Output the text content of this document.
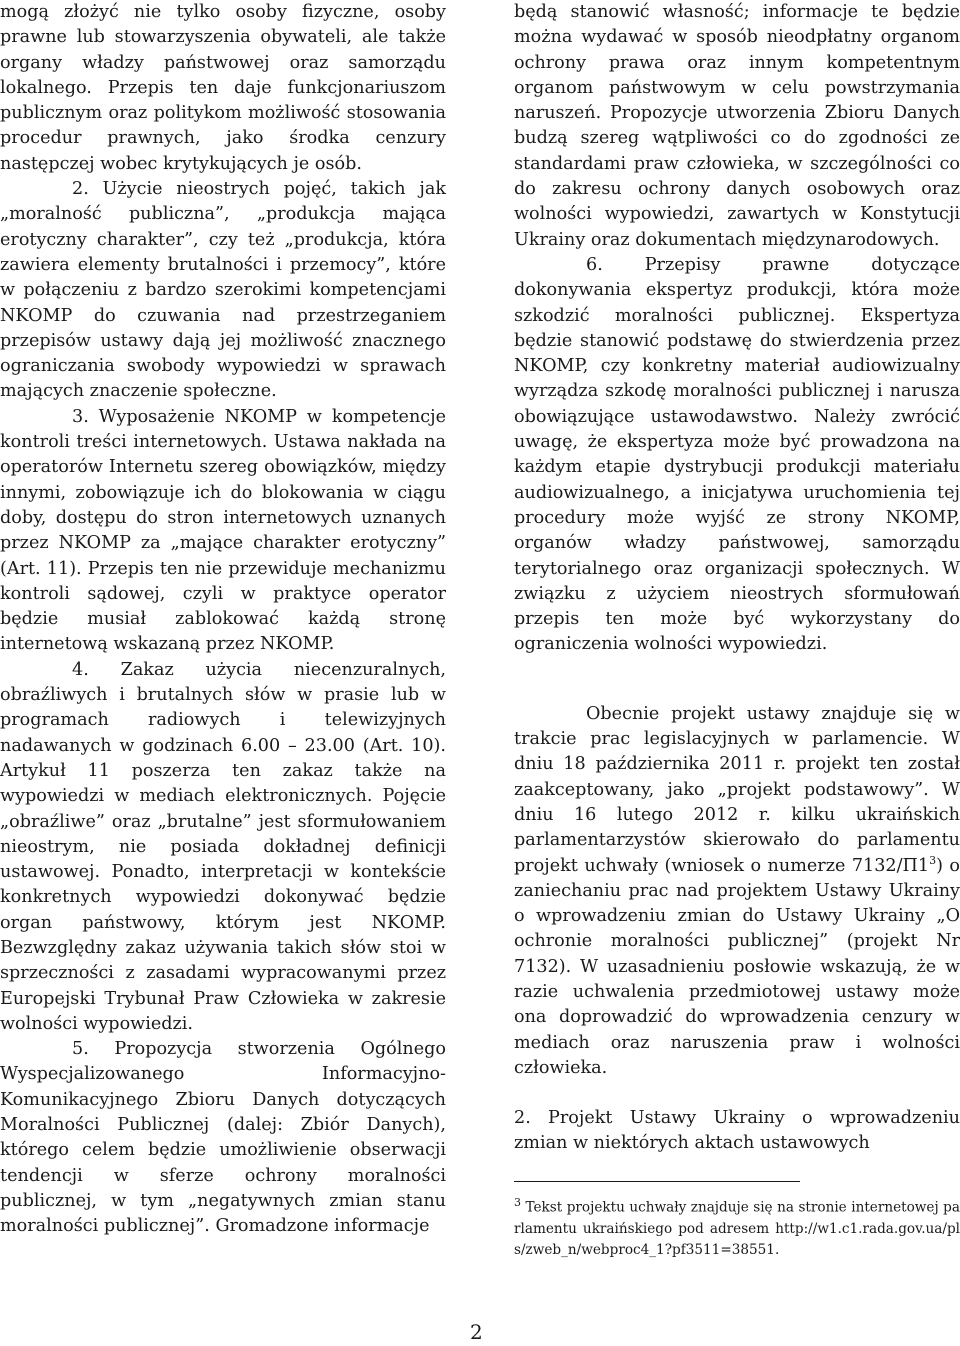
mogą złożyć nie tylko osoby fizyczne, osoby prawne lub stowarzyszenia obywateli, ale także organy władzy państwowej oraz samorządu lokalnego. Przepis ten daje funkcjonariuszom publicznym oraz politykom możliwość stosowania procedur prawnych, jako środka cenzury następczej wobec krytykujących je osób.

2. Użycie nieostrych pojęć, takich jak „moralność publiczna”, „produkcja mająca erotyczny charakter”, czy też „produkcja, która zawiera elementy brutalności i przemocy”, które w połączeniu z bardzo szerokimi kompetencjami NKOMP do czuwania nad przestrzeganiem przepisów ustawy dają jej możliwość znacznego ograniczania swobody wypowiedzi w sprawach mających znaczenie społeczne.

3. Wyposażenie NKOMP w kompetencje kontroli treści internetowych. Ustawa nakłada na operatorów Internetu szereg obowiązków, między innymi, zobowiązuje ich do blokowania w ciągu doby, dostępu do stron internetowych uznanych przez NKOMP za „mające charakter erotyczny” (Art. 11). Przepis ten nie przewiduje mechanizmu kontroli sądowej, czyli w praktyce operator będzie musiał zablokować każdą stronę internetową wskazaną przez NKOMP.

4. Zakaz użycia niecenzuralnych, obraźliwych i brutalnych słów w prasie lub w programach radiowych i telewizyjnych nadawanych w godzinach 6.00 – 23.00 (Art. 10). Artykuł 11 poszerza ten zakaz także na wypowiedzi w mediach elektronicznych. Pojęcie „obraźliwe” oraz „brutalne” jest sformułowaniem nieostrym, nie posiada dokładnej definicji ustawowej. Ponadto, interpretacji w kontekście konkretnych wypowiedzi dokonywać będzie organ państwowy, którym jest NKOMP. Bezwzględny zakaz używania takich słów stoi w sprzeczności z zasadami wypracowanymi przez Europejski Trybunał Praw Człowieka w zakresie wolności wypowiedzi.

5. Propozycja stworzenia Ogólnego Wyspecjalizowanego Informacyjno-Komunikacyjnego Zbioru Danych dotyczących Moralności Publicznej (dalej: Zbiór Danych), którego celem będzie umożliwienie obserwacji tendencji w sferze ochrony moralności publicznej, w tym „negatywnych zmian stanu moralności publicznej”. Gromadzone informacje

będą stanowić własność; informacje te będzie można wydawać w sposób nieodpłatny organom ochrony prawa oraz innym kompetentnym organom państwowym w celu powstrzymania naruszeń. Propozycje utworzenia Zbioru Danych budzą szereg wątpliwości co do zgodności ze standardami praw człowieka, w szczególności co do zakresu ochrony danych osobowych oraz wolności wypowiedzi, zawartych w Konstytucji Ukrainy oraz dokumentach międzynarodowych.

6. Przepisy prawne dotyczące dokonywania ekspertyz produkcji, która może szkodzić moralności publicznej. Ekspertyza będzie stanowić podstawę do stwierdzenia przez NKOMP, czy konkretny materiał audiowizualny wyrządza szkodę moralności publicznej i narusza obowiązujące ustawodawstwo. Należy zwrócić uwagę, że ekspertyza może być prowadzona na każdym etapie dystrybucji produkcji materiału audiowizualnego, a inicjatywa uruchomienia tej procedury może wyjść ze strony NKOMP, organów władzy państwowej, samorządu terytorialnego oraz organizacji społecznych. W związku z użyciem nieostrych sformułowań przepis ten może być wykorzystany do ograniczenia wolności wypowiedzi.

Obecnie projekt ustawy znajduje się w trakcie prac legislacyjnych w parlamencie. W dniu 18 października 2011 r. projekt ten został zaakceptowany, jako „projekt podstawowy”. W dniu 16 lutego 2012 r. kilku ukraińskich parlamentarzystów skierowało do parlamentu projekt uchwały (wniosek o numerze 7132/П1$^3$) o zaniechaniu prac nad projektem Ustawy Ukrainy o wprowadzeniu zmian do Ustawy Ukrainy „O ochronie moralności publicznej” (projekt Nr 7132). W uzasadnieniu posłowie wskazują, że w razie uchwalenia przedmiotowej ustawy może ona doprowadzić do wprowadzenia cenzury w mediach oraz naruszenia praw i wolności człowieka.

2. Projekt Ustawy Ukrainy o wprowadzeniu zmian w niektórych aktach ustawowych

$^3$ Tekst projektu uchwały znajduje się na stronie internetowej parlamentu ukraińskiego pod adresem http://w1.c1.rada.gov.ua/pls/zweb_n/webproc4_1?pf3511=38551.

2
